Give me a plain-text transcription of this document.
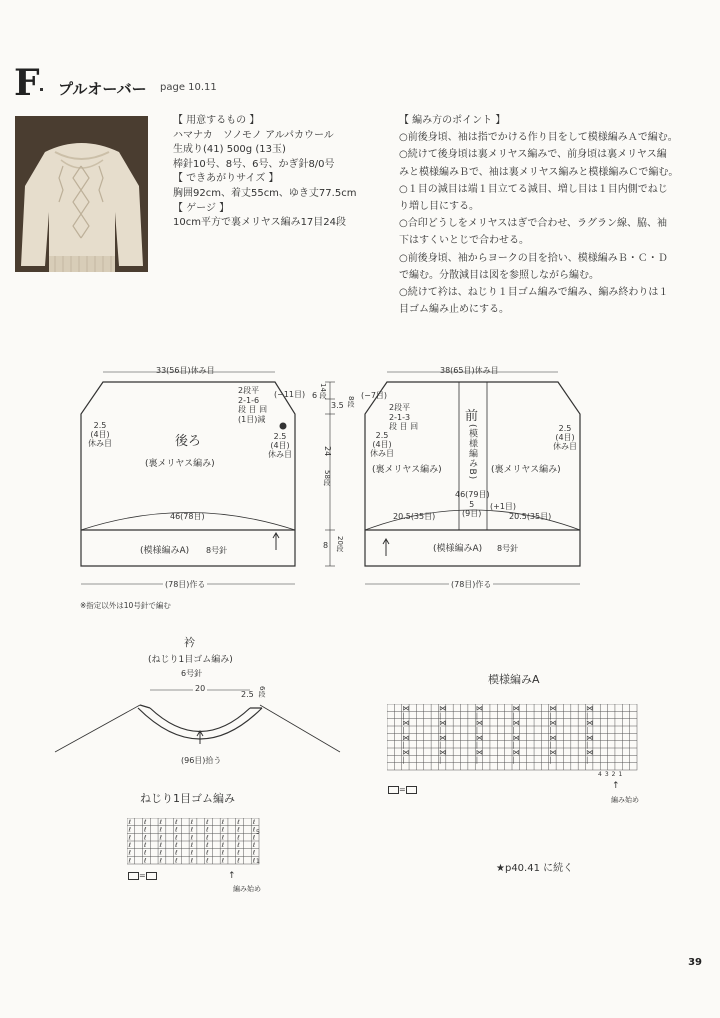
F プルオーバー page 10.11
【 用意するもの 】
ハマナカ　ソノモノ アルパカウール
生成り(41) 500g (13玉)
棒針10号、8号、6号、かぎ針8/0号
【 できあがりサイズ 】
胸囲92cm、着丈55cm、ゆき丈77.5cm
【 ゲージ 】
10cm平方で裏メリヤス編み17目24段
【 編み方のポイント 】
○前後身頃、袖は指でかける作り目をして模様編みＡで編む。
○続けて後身頃は裏メリヤス編みで、前身頃は裏メリヤス編
みと模様編みＢで、袖は裏メリヤス編みと模様編みＣで編む。
○１目の減目は端１目立てる減目、増し目は１目内側でねじ
り増し目にする。
○合印どうしをメリヤスはぎで合わせ、ラグラン線、脇、袖
下はすくいとじで合わせる。
○前後身頃、袖からヨークの目を拾い、模様編みＢ・Ｃ・Ｄ
で編む。分散減目は図を参照しながら編む。
○続けて衿は、ねじり１目ゴム編みで編み、編み終わりは１
目ゴム編み止めにする。
33(56目)休み目
後ろ
(裏メリヤス編み)
2.5
(4目)
休み目
2.5
(4目)
休み目
2段平
2-1-6
段 目 回
(1目)減
(−11目)
46(78目)
(模様編みA) 8号針
(78目)作る
6 14段
3.5 8段
24
58段
8 20段
38(65目)休み目
前
(模様編みB)
(裏メリヤス編み)	(裏メリヤス編み)
2.5
(4目)
休み目
2.5
(4目)
休み目
2段平
2-1-3
段 目 回
(−7目)
46(79目)
20.5(35目)
5
(9目)
(+1目)
20.5(35目)
(模様編みA) 8号針
(78目)作る
※指定以外は10号針で編む
衿
(ねじり1目ゴム編み)
6号針
20
2.5 6段
(96目)拾う
ねじり1目ゴム編み
ℓ ℓ ℓ ℓ ℓ ℓ ℓ ℓ ℓ
ℓ ℓ ℓ ℓ ℓ ℓ ℓ ℓ ℓ
ℓ ℓ ℓ ℓ ℓ ℓ ℓ ℓ ℓ
ℓ ℓ ℓ ℓ ℓ ℓ ℓ ℓ ℓ
ℓ ℓ ℓ ℓ ℓ ℓ ℓ ℓ ℓ
ℓ ℓ ℓ ℓ ℓ ℓ ℓ ℓ ℓ
5
1
=	↑
編み始め
模様編みA
⋈	⋈	⋈	⋈	⋈	⋈
|	|	|	|	|	|
⋈	⋈	⋈	⋈	⋈	⋈
|	|	|	|	|	|
⋈	⋈	⋈	⋈	⋈	⋈
|	|	|	|	|	|
⋈	⋈	⋈	⋈	⋈	⋈
|	|	|	|	|	|
=	↑
編み始め
4321
★p40.41 に続く
39
